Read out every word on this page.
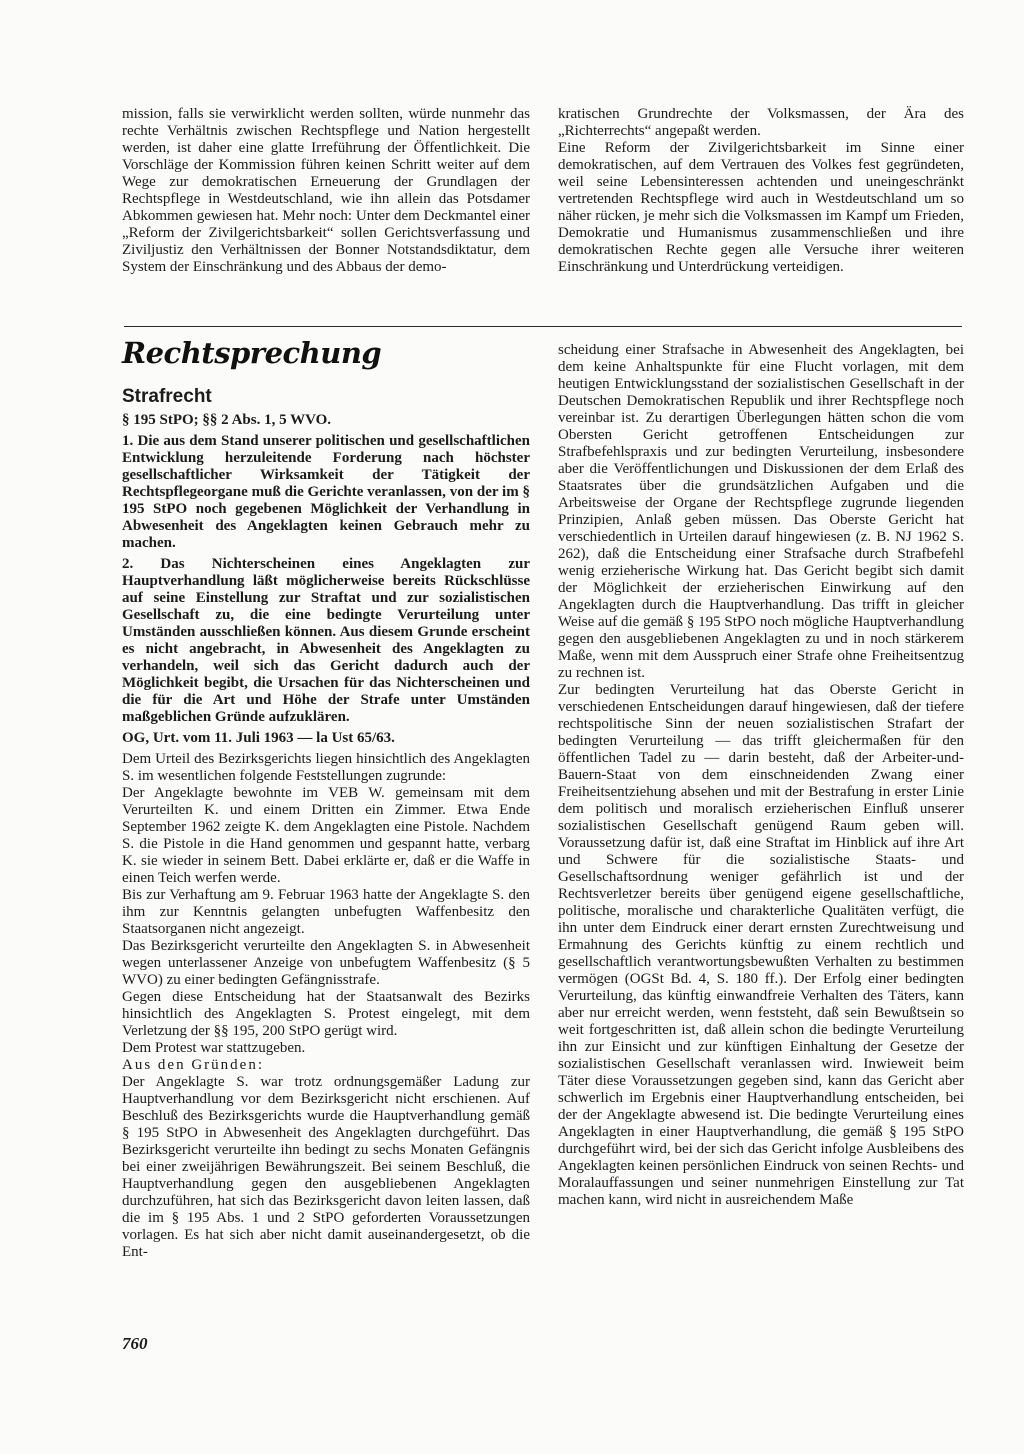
mission, falls sie verwirklicht werden sollten, würde nunmehr das rechte Verhältnis zwischen Rechtspflege und Nation hergestellt werden, ist daher eine glatte Irreführung der Öffentlichkeit. Die Vorschläge der Kommission führen keinen Schritt weiter auf dem Wege zur demokratischen Erneuerung der Grundlagen der Rechtspflege in Westdeutschland, wie ihn allein das Potsdamer Abkommen gewiesen hat. Mehr noch: Unter dem Deckmantel einer „Reform der Zivilgerichtsbarkeit“ sollen Gerichtsverfassung und Ziviljustiz den Verhältnissen der Bonner Notstandsdiktatur, dem System der Einschränkung und des Abbaus der demo-

kratischen Grundrechte der Volksmassen, der Ära des „Richterrechts“ angepaßt werden.

Eine Reform der Zivilgerichtsbarkeit im Sinne einer demokratischen, auf dem Vertrauen des Volkes fest gegründeten, weil seine Lebensinteressen achtenden und uneingeschränkt vertretenden Rechtspflege wird auch in Westdeutschland um so näher rücken, je mehr sich die Volksmassen im Kampf um Frieden, Demokratie und Humanismus zusammenschließen und ihre demokratischen Rechte gegen alle Versuche ihrer weiteren Einschränkung und Unterdrückung verteidigen.

Rechtsprechung
Strafrecht

§ 195 StPO; §§ 2 Abs. 1, 5 WVO.

1. Die aus dem Stand unserer politischen und gesellschaftlichen Entwicklung herzuleitende Forderung nach höchster gesellschaftlicher Wirksamkeit der Tätigkeit der Rechtspflegeorgane muß die Gerichte veranlassen, von der im § 195 StPO noch gegebenen Möglichkeit der Verhandlung in Abwesenheit des Angeklagten keinen Gebrauch mehr zu machen.

2. Das Nichterscheinen eines Angeklagten zur Hauptverhandlung läßt möglicherweise bereits Rückschlüsse auf seine Einstellung zur Straftat und zur sozialistischen Gesellschaft zu, die eine bedingte Verurteilung unter Umständen ausschließen können. Aus diesem Grunde erscheint es nicht angebracht, in Abwesenheit des Angeklagten zu verhandeln, weil sich das Gericht dadurch auch der Möglichkeit begibt, die Ursachen für das Nichterscheinen und die für die Art und Höhe der Strafe unter Umständen maßgeblichen Gründe aufzuklären.

OG, Urt. vom 11. Juli 1963 — la Ust 65/63.

Dem Urteil des Bezirksgerichts liegen hinsichtlich des Angeklagten S. im wesentlichen folgende Feststellungen zugrunde:

Der Angeklagte bewohnte im VEB W. gemeinsam mit dem Verurteilten K. und einem Dritten ein Zimmer. Etwa Ende September 1962 zeigte K. dem Angeklagten eine Pistole. Nachdem S. die Pistole in die Hand genommen und gespannt hatte, verbarg K. sie wieder in seinem Bett. Dabei erklärte er, daß er die Waffe in einen Teich werfen werde.

Bis zur Verhaftung am 9. Februar 1963 hatte der Angeklagte S. den ihm zur Kenntnis gelangten unbefugten Waffenbesitz den Staatsorganen nicht angezeigt.

Das Bezirksgericht verurteilte den Angeklagten S. in Abwesenheit wegen unterlassener Anzeige von unbefugtem Waffenbesitz (§ 5 WVO) zu einer bedingten Gefängnisstrafe.

Gegen diese Entscheidung hat der Staatsanwalt des Bezirks hinsichtlich des Angeklagten S. Protest eingelegt, mit dem Verletzung der §§ 195, 200 StPO gerügt wird.

Dem Protest war stattzugeben.

Aus den Gründen:

Der Angeklagte S. war trotz ordnungsgemäßer Ladung zur Hauptverhandlung vor dem Bezirksgericht nicht erschienen. Auf Beschluß des Bezirksgerichts wurde die Hauptverhandlung gemäß § 195 StPO in Abwesenheit des Angeklagten durchgeführt. Das Bezirksgericht verurteilte ihn bedingt zu sechs Monaten Gefängnis bei einer zweijährigen Bewährungszeit. Bei seinem Beschluß, die Hauptverhandlung gegen den ausgebliebenen Angeklagten durchzuführen, hat sich das Bezirksgericht davon leiten lassen, daß die im § 195 Abs. 1 und 2 StPO geforderten Voraussetzungen vorlagen. Es hat sich aber nicht damit auseinandergesetzt, ob die Ent-

scheidung einer Strafsache in Abwesenheit des Angeklagten, bei dem keine Anhaltspunkte für eine Flucht vorlagen, mit dem heutigen Entwicklungsstand der sozialistischen Gesellschaft in der Deutschen Demokratischen Republik und ihrer Rechtspflege noch vereinbar ist. Zu derartigen Überlegungen hätten schon die vom Obersten Gericht getroffenen Entscheidungen zur Strafbefehlspraxis und zur bedingten Verurteilung, insbesondere aber die Veröffentlichungen und Diskussionen der dem Erlaß des Staatsrates über die grundsätzlichen Aufgaben und die Arbeitsweise der Organe der Rechtspflege zugrunde liegenden Prinzipien, Anlaß geben müssen. Das Oberste Gericht hat verschiedentlich in Urteilen darauf hingewiesen (z. B. NJ 1962 S. 262), daß die Entscheidung einer Strafsache durch Strafbefehl wenig erzieherische Wirkung hat. Das Gericht begibt sich damit der Möglichkeit der erzieherischen Einwirkung auf den Angeklagten durch die Hauptverhandlung. Das trifft in gleicher Weise auf die gemäß § 195 StPO noch mögliche Hauptverhandlung gegen den ausgebliebenen Angeklagten zu und in noch stärkerem Maße, wenn mit dem Ausspruch einer Strafe ohne Freiheitsentzug zu rechnen ist.

Zur bedingten Verurteilung hat das Oberste Gericht in verschiedenen Entscheidungen darauf hingewiesen, daß der tiefere rechtspolitische Sinn der neuen sozialistischen Strafart der bedingten Verurteilung — das trifft gleichermaßen für den öffentlichen Tadel zu — darin besteht, daß der Arbeiter-und-Bauern-Staat von dem einschneidenden Zwang einer Freiheitsentziehung absehen und mit der Bestrafung in erster Linie dem politisch und moralisch erzieherischen Einfluß unserer sozialistischen Gesellschaft genügend Raum geben will. Voraussetzung dafür ist, daß eine Straftat im Hinblick auf ihre Art und Schwere für die sozialistische Staats- und Gesellschaftsordnung weniger gefährlich ist und der Rechtsverletzer bereits über genügend eigene gesellschaftliche, politische, moralische und charakterliche Qualitäten verfügt, die ihn unter dem Eindruck einer derart ernsten Zurechtweisung und Ermahnung des Gerichts künftig zu einem rechtlich und gesellschaftlich verantwortungsbewußten Verhalten zu bestimmen vermögen (OGSt Bd. 4, S. 180 ff.). Der Erfolg einer bedingten Verurteilung, das künftig einwandfreie Verhalten des Täters, kann aber nur erreicht werden, wenn feststeht, daß sein Bewußtsein so weit fortgeschritten ist, daß allein schon die bedingte Verurteilung ihn zur Einsicht und zur künftigen Einhaltung der Gesetze der sozialistischen Gesellschaft veranlassen wird. Inwieweit beim Täter diese Voraussetzungen gegeben sind, kann das Gericht aber schwerlich im Ergebnis einer Hauptverhandlung entscheiden, bei der der Angeklagte abwesend ist. Die bedingte Verurteilung eines Angeklagten in einer Hauptverhandlung, die gemäß § 195 StPO durchgeführt wird, bei der sich das Gericht infolge Ausbleibens des Angeklagten keinen persönlichen Eindruck von seinen Rechts- und Moralauffassungen und seiner nunmehrigen Einstellung zur Tat machen kann, wird nicht in ausreichendem Maße

760
